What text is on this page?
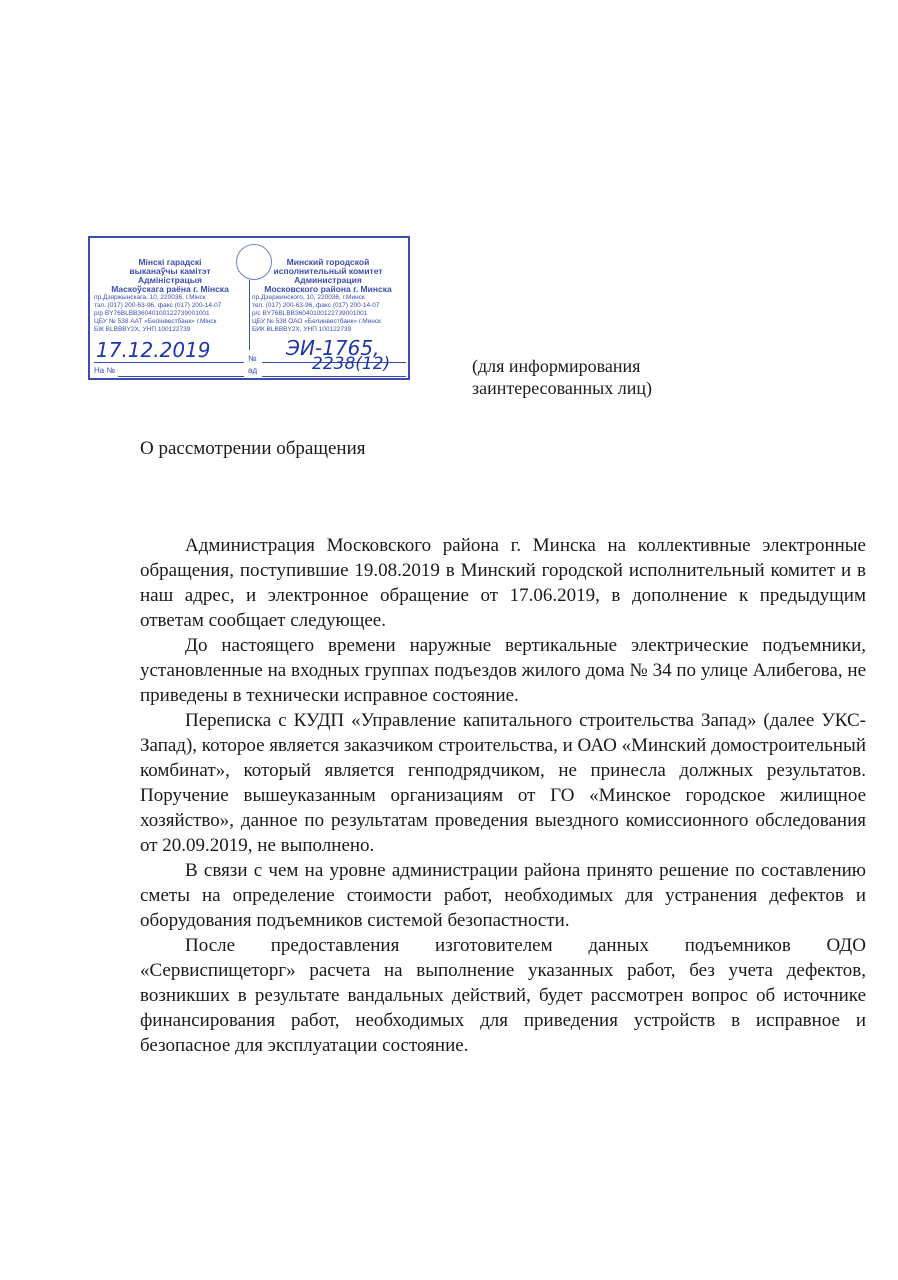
Мінскі гарадскі
выканаўчы камітэт
Адміністрацыя
Маскоўскага раёна г. Мінска
пр.Дзяржынскага, 10, 220036, г.Мінск
тэл. (017) 200-63-96, факс (017) 200-14-07
р/р BY76BLBB36040100122739001001
ЦБУ № 538 ААТ «Белінвестбанк» г.Мінск
БІК BLBBBY2X, УНП 100122739
Минский городской
исполнительный комитет
Администрация
Московского района г. Минска
пр.Дзержинского, 10, 220036, г.Минск
тел. (017) 200-63-96, факс (017) 200-14-07
р/с BY76BLBB36040100122739001001
ЦБУ № 538 ОАО «Белинвестбанк» г.Минск
БИК BLBBBY2X, УНП 100122739
№
На №	ад
17.12.2019	ЭИ-1765,
2238(12)	(для информирования
заинтересованных лиц)
О рассмотрении обращения

Администрация Московского района г. Минска на коллективные электронные обращения, поступившие 19.08.2019 в Минский городской исполнительный комитет и в наш адрес, и электронное обращение от 17.06.2019, в дополнение к предыдущим ответам сообщает следующее.

До настоящего времени наружные вертикальные электрические подъемники, установленные на входных группах подъездов жилого дома № 34 по улице Алибегова, не приведены в технически исправное состояние.

Переписка с КУДП «Управление капитального строительства Запад» (далее УКС-Запад), которое является заказчиком строительства, и ОАО «Минский домостроительный комбинат», который является генподрядчиком, не принесла должных результатов. Поручение вышеуказанным организациям от ГО «Минское городское жилищное хозяйство», данное по результатам проведения выездного комиссионного обследования от 20.09.2019, не выполнено.

В связи с чем на уровне администрации района принято решение по составлению сметы на определение стоимости работ, необходимых для устранения дефектов и оборудования подъемников системой безопастности.

После предоставления изготовителем данных подъемников ОДО «Сервиспищеторг» расчета на выполнение указанных работ, без учета дефектов, возникших в результате вандальных действий, будет рассмотрен вопрос об источнике финансирования работ, необходимых для приведения устройств в исправное и безопасное для эксплуатации состояние.
